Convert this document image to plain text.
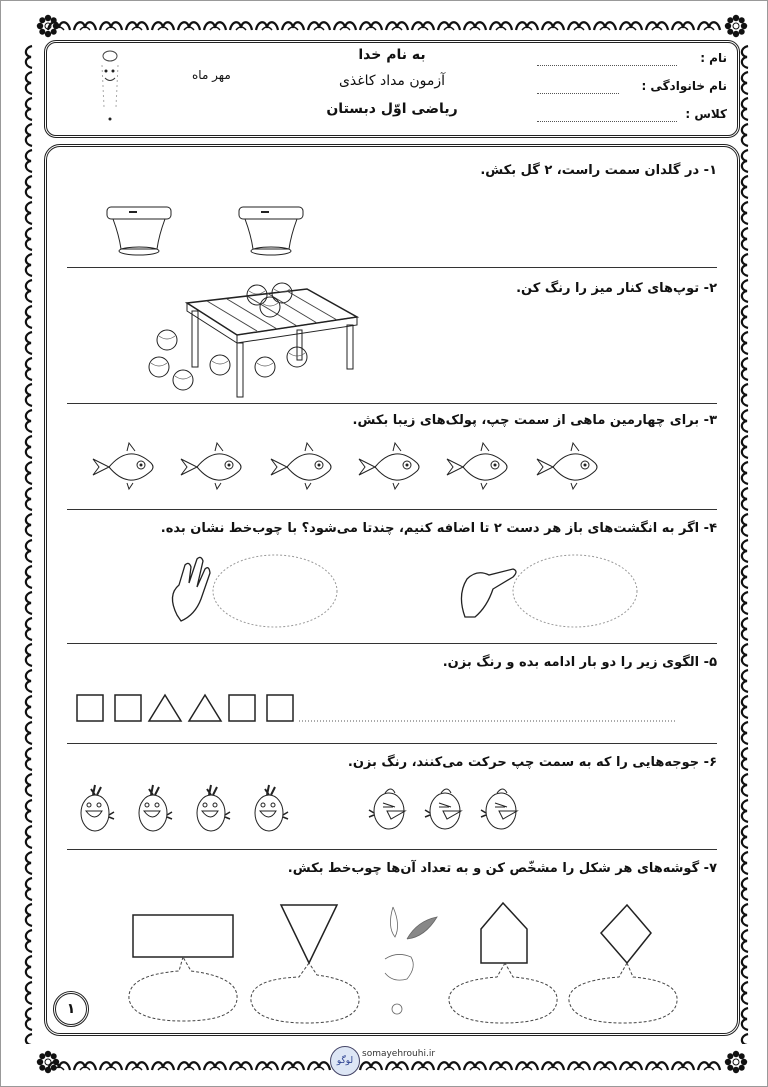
به نام خدا
آزمون مداد کاغذی
ریاضی اوّل دبستان
نام :
نام خانوادگی :
کلاس :
مهر ماه
۱- در گلدان سمت راست، ۲ گل بکش.
۲- توپ‌های کنار میز را رنگ کن.
۳- برای چهارمین ماهی از سمت چپ، پولک‌های زیبا بکش.
۴- اگر به انگشت‌های باز هر دست ۲ تا اضافه کنیم، چندتا می‌شود؟ با چوب‌خط نشان بده.
۵- الگوی زیر را دو بار ادامه بده و رنگ بزن.
۶- جوجه‌هایی را که به سمت چپ حرکت می‌کنند، رنگ بزن.
۷- گوشه‌های هر شکل را مشخّص کن و به تعداد آن‌ها چوب‌خط بکش.
۱
لوگو
somayehrouhi.ir
